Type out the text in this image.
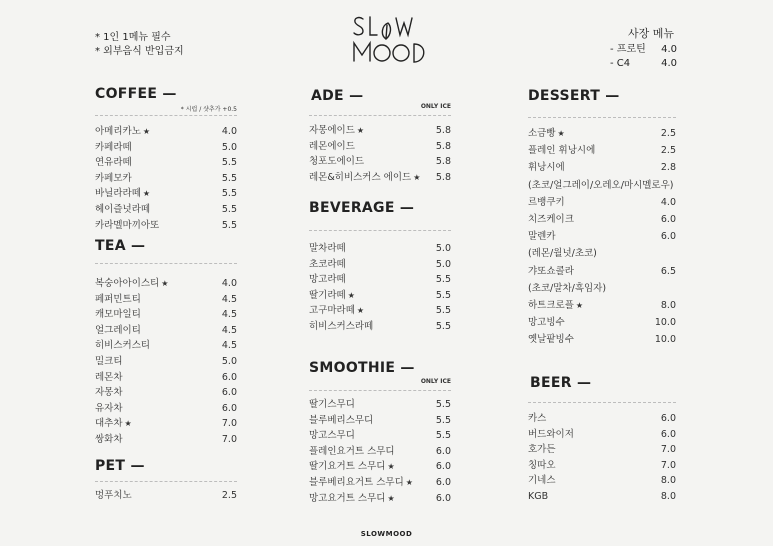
* 1인 1메뉴 필수
* 외부음식 반입금지
사장 메뉴
- 프로틴 4.0
- C4	4.0
COFFEE —
* 시럽 / 샷추가 +0.5
아메리카노 ★	4.0
카페라떼	5.0
연유라떼	5.5
카페모카	5.5
바닐라라떼 ★	5.5
헤이즐넛라떼	5.5
카라멜마끼아또	5.5
TEA —
복숭아아이스티 ★	4.0
페퍼민트티	4.5
캐모마일티	4.5
얼그레이티	4.5
히비스커스티	4.5
밀크티	5.0
레몬차	6.0
자몽차	6.0
유자차	6.0
대추차 ★	7.0
쌍화차	7.0
PET —
멍푸치노	2.5
ADE —
ONLY ICE
자몽에이드 ★	5.8
레몬에이드	5.8
청포도에이드	5.8
레몬&히비스커스 에이드 ★ 5.8
BEVERAGE —
말차라떼	5.0
초코라떼	5.0
망고라떼	5.5
딸기라떼 ★	5.5
고구마라떼 ★	5.5
히비스커스라떼	5.5
SMOOTHIE —
ONLY ICE
딸기스무디	5.5
블루베리스무디	5.5
망고스무디	5.5
플레인요거트 스무디	6.0
딸기요거트 스무디 ★	6.0
블루베리요거트 스무디 ★ 6.0
망고요거트 스무디 ★	6.0
DESSERT —
소금빵 ★	2.5
플레인 휘낭시에	2.5
휘낭시에	2.8
(초코/얼그레이/오레오/마시멜로우)
르뱅쿠키	4.0
치즈케이크	6.0
말렌카	6.0
(레몬/월넛/초코)
갸또쇼콜라	6.5
(초코/말차/흑임자)
하트크로플 ★	8.0
망고빙수	10.0
옛날팥빙수	10.0
BEER —
카스	6.0
버드와이저	6.0
호가든	7.0
칭따오	7.0
기네스	8.0
KGB	8.0
SLOWMOOD
